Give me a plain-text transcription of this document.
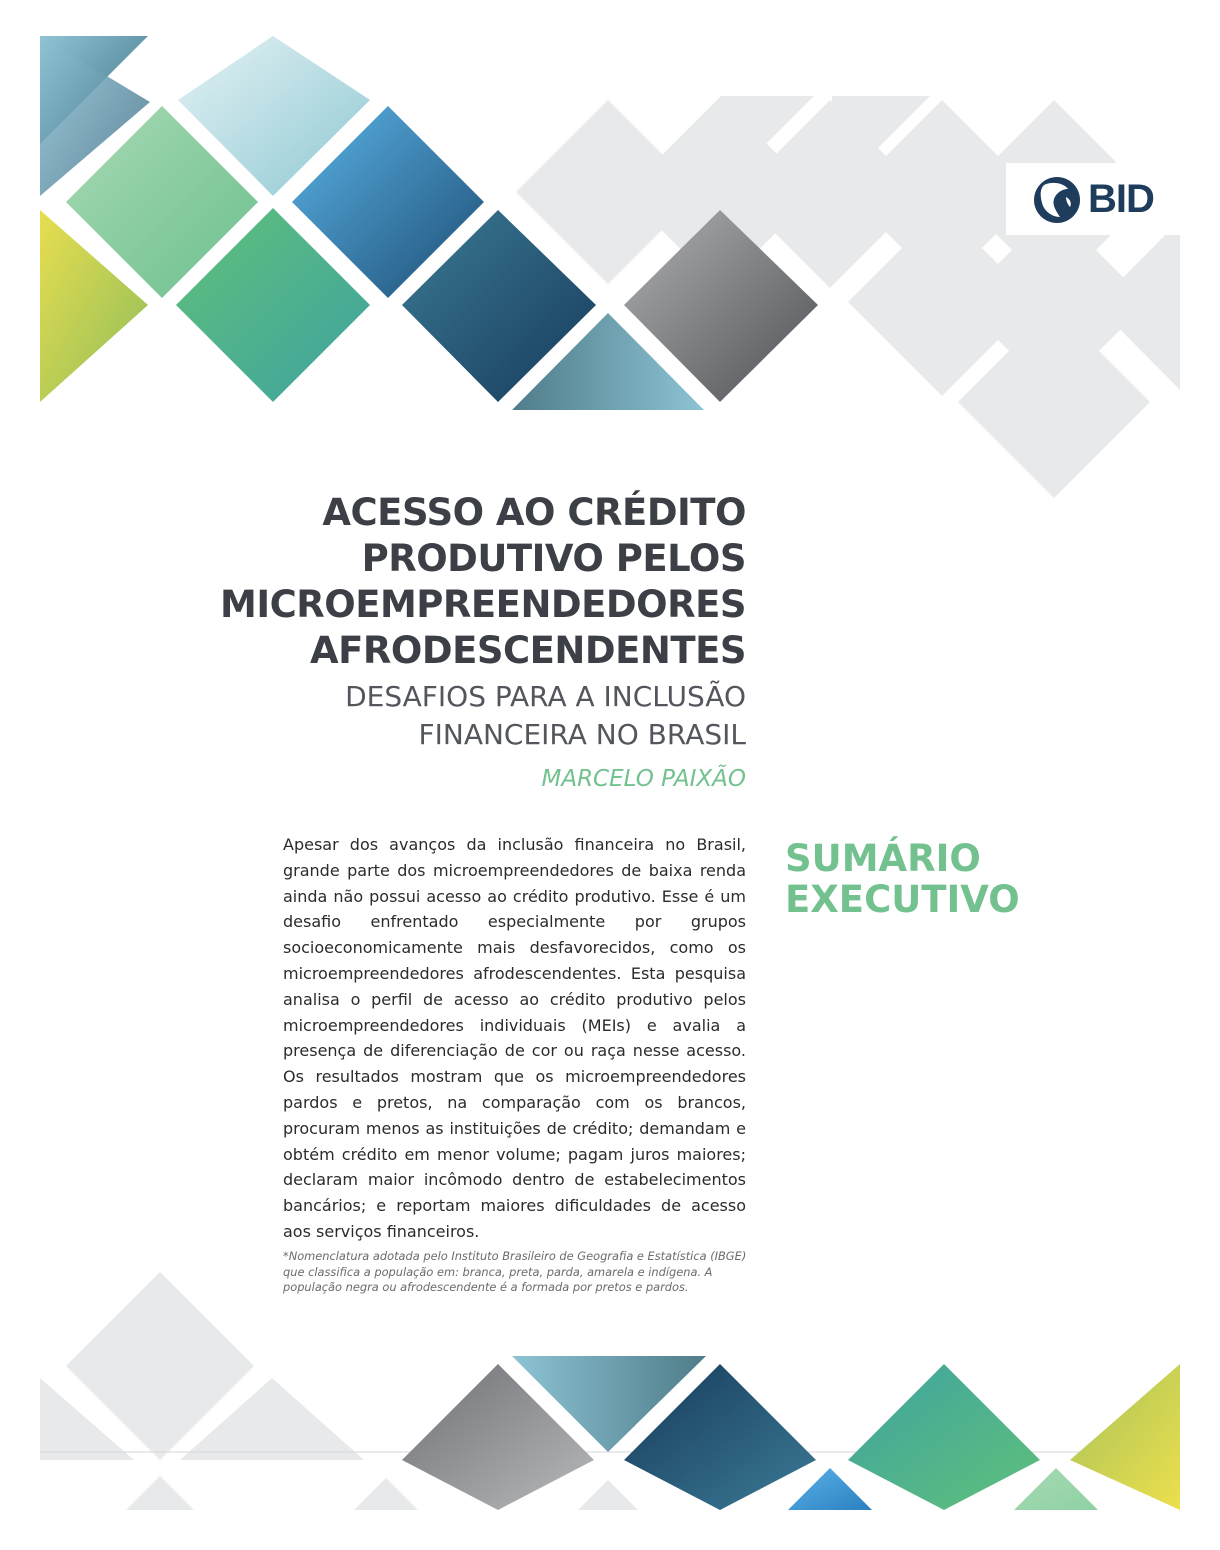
BID
ACESSO AO CRÉDITO
PRODUTIVO PELOS
MICROEMPREENDEDORES
AFRODESCENDENTES
DESAFIOS PARA A INCLUSÃO
FINANCEIRA NO BRASIL
MARCELO PAIXÃO

Apesar dos avanços da inclusão financeira no Brasil, grande parte dos microempreendedores de baixa renda ainda não possui acesso ao crédito produtivo. Esse é um desafio enfrentado especialmente por grupos socioeconomicamente mais desfavorecidos, como os microempreendedores afrodescendentes. Esta pesquisa analisa o perfil de acesso ao crédito produtivo pelos microempreendedores individuais (MEIs) e avalia a presença de diferenciação de cor ou raça nesse acesso. Os resultados mostram que os microempreendedores pardos e pretos, na comparação com os brancos, procuram menos as instituições de crédito; demandam e obtém crédito em menor volume; pagam juros maiores; declaram maior incômodo dentro de estabelecimentos bancários; e reportam maiores dificuldades de acesso aos serviços financeiros.

SUMÁRIO
EXECUTIVO

*Nomenclatura adotada pelo Instituto Brasileiro de Geografia e Estatística (IBGE) que classifica a população em: branca, preta, parda, amarela e indígena. A população negra ou afrodescendente é a formada por pretos e pardos.
